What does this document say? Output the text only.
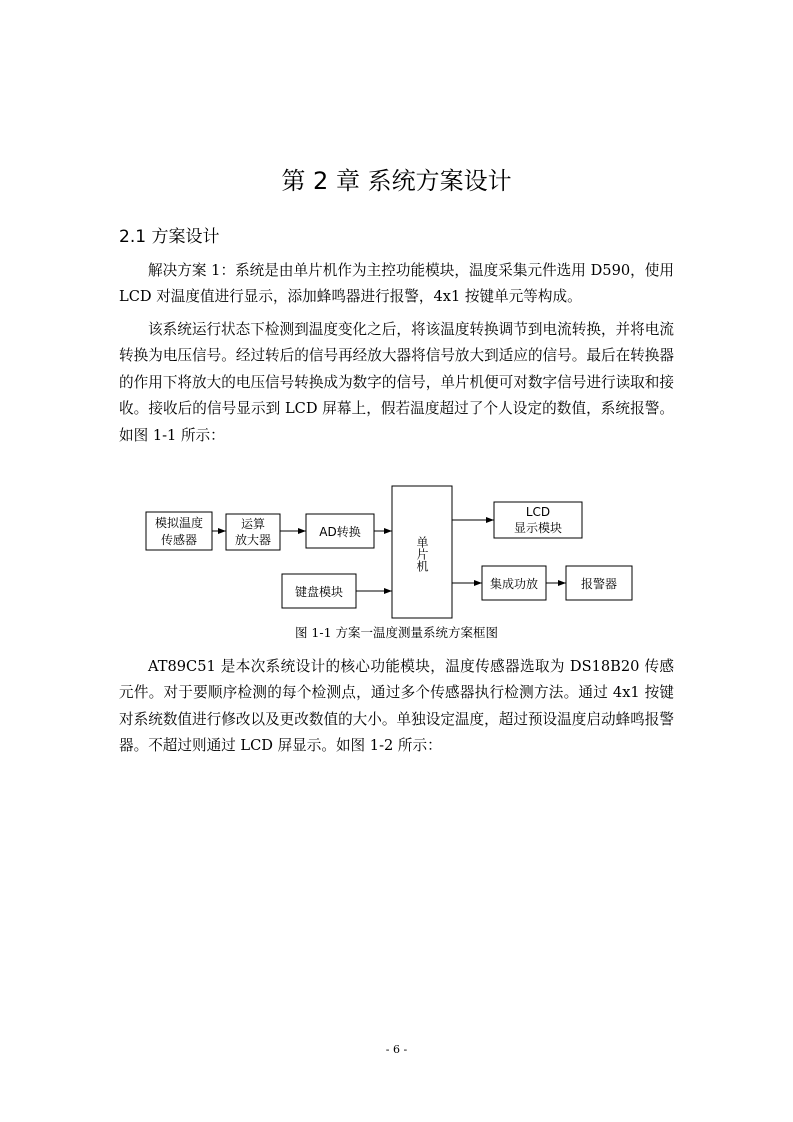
第 2 章 系统方案设计
2.1 方案设计

解决方案 1：系统是由单片机作为主控功能模块，温度采集元件选用 D590，使用 LCD 对温度值进行显示，添加蜂鸣器进行报警，4x1 按键单元等构成。

该系统运行状态下检测到温度变化之后，将该温度转换调节到电流转换，并将电流转换为电压信号。经过转后的信号再经放大器将信号放大到适应的信号。最后在转换器的作用下将放大的电压信号转换成为数字的信号，单片机便可对数字信号进行读取和接收。接收后的信号显示到 LCD 屏幕上，假若温度超过了个人设定的数值，系统报警。如图 1-1 所示：

模拟温度
传感器
运算
放大器
AD转换
单片机
键盘模块
LCD
显示模块
集成功放	报警器
图 1-1 方案一温度测量系统方案框图

AT89C51 是本次系统设计的核心功能模块，温度传感器选取为 DS18B20 传感元件。对于要顺序检测的每个检测点，通过多个传感器执行检测方法。通过 4x1 按键对系统数值进行修改以及更改数值的大小。单独设定温度，超过预设温度启动蜂鸣报警器。不超过则通过 LCD 屏显示。如图 1-2 所示：

- 6 -
